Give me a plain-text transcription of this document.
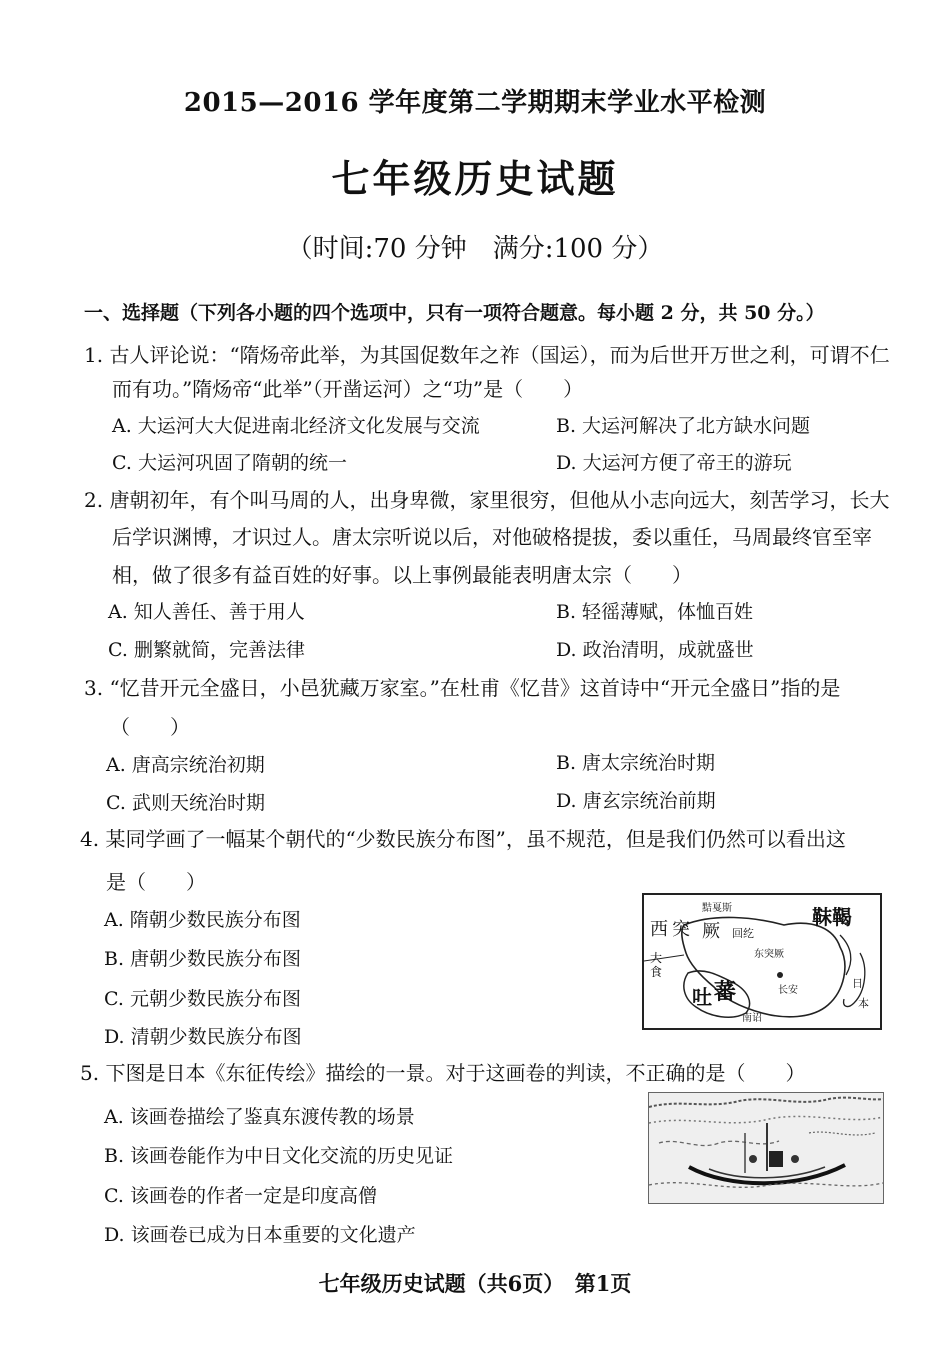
2015—2016 学年度第二学期期末学业水平检测
七年级历史试题
（时间:70 分钟　满分:100 分）
一、选择题（下列各小题的四个选项中，只有一项符合题意。每小题 2 分，共 50 分。）
1. 古人评论说：“隋炀帝此举，为其国促数年之祚（国运），而为后世开万世之利，可谓不仁
而有功。”隋炀帝“此举”（开凿运河）之“功”是（　　）
A. 大运河大大促进南北经济文化发展与交流	B. 大运河解决了北方缺水问题
C. 大运河巩固了隋朝的统一	D. 大运河方便了帝王的游玩
2. 唐朝初年，有个叫马周的人，出身卑微，家里很穷，但他从小志向远大，刻苦学习，长大
后学识渊博，才识过人。唐太宗听说以后，对他破格提拔，委以重任，马周最终官至宰
相，做了很多有益百姓的好事。以上事例最能表明唐太宗（　　）
A. 知人善任、善于用人	B. 轻徭薄赋，体恤百姓
C. 删繁就简，完善法律	D. 政治清明，成就盛世
3. “忆昔开元全盛日，小邑犹藏万家室。”在杜甫《忆昔》这首诗中“开元全盛日”指的是
（　　）
A. 唐高宗统治初期	B. 唐太宗统治时期
C. 武则天统治时期	D. 唐玄宗统治前期
4. 某同学画了一幅某个朝代的“少数民族分布图”，虽不规范，但是我们仍然可以看出这
是（　　）
A. 隋朝少数民族分布图
B. 唐朝少数民族分布图
C. 元朝少数民族分布图
D. 清朝少数民族分布图
黠戛斯	靺鞨
西 突 厥 回纥
东突厥
大食
吐 蕃	长安
南诏
日
本
5. 下图是日本《东征传绘》描绘的一景。对于这画卷的判读，不正确的是（　　）
A. 该画卷描绘了鉴真东渡传教的场景
B. 该画卷能作为中日文化交流的历史见证
C. 该画卷的作者一定是印度高僧
D. 该画卷已成为日本重要的文化遗产
七年级历史试题（共6页）　第1页
